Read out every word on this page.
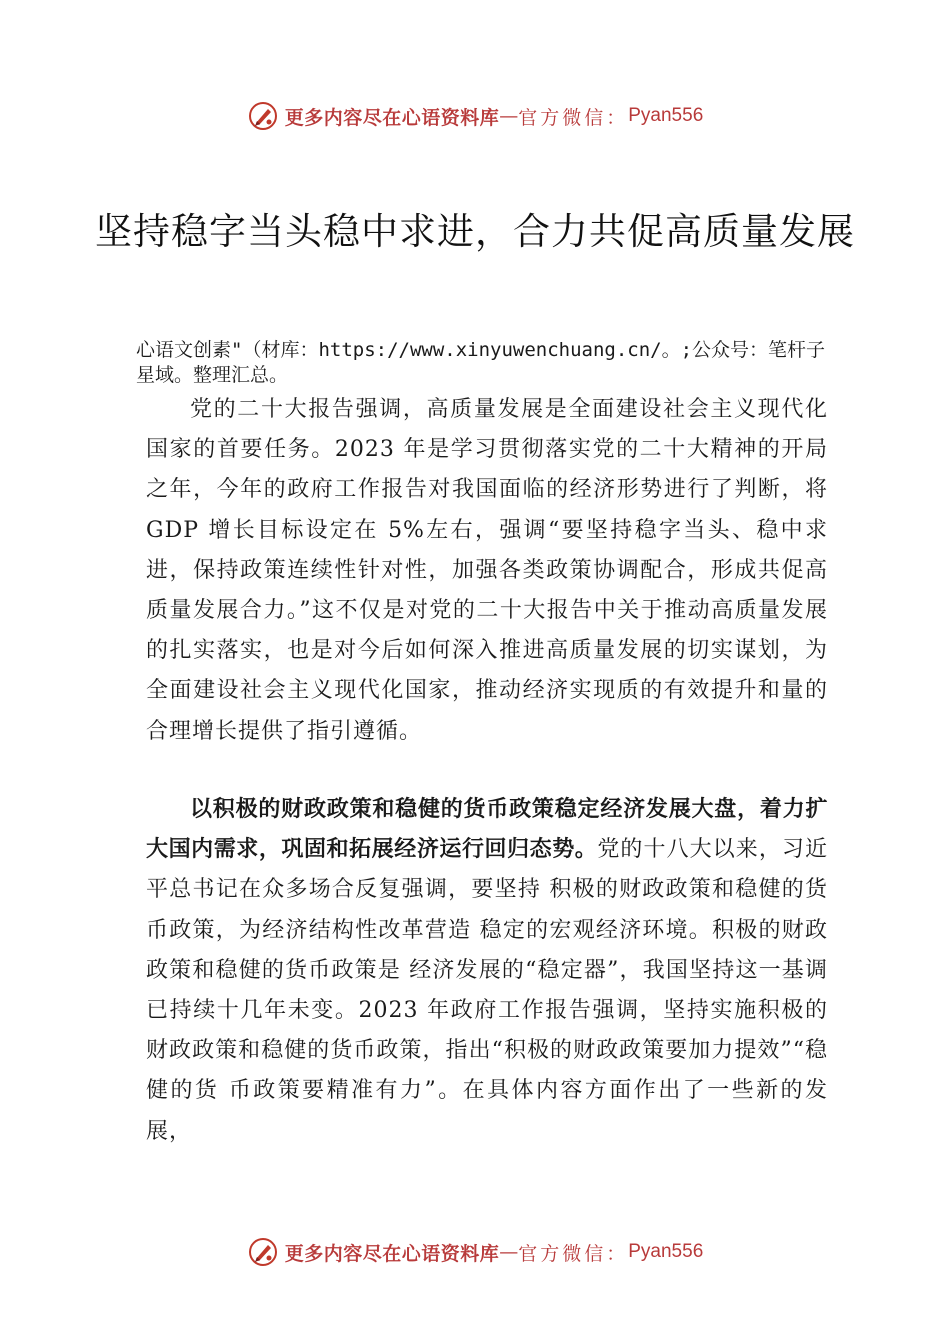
更多内容尽在心语资料库 — 官方微信： Pyan556
坚持稳字当头稳中求进，合力共促高质量发展

心语文创素"（材库：https://www.xinyuwenchuang.cn/。;公众号：笔杆子星域。整理汇总。

党的二十大报告强调，高质量发展是全面建设社会主义现代化国家的首要任务。2023 年是学习贯彻落实党的二十大精神的开局之年，今年的政府工作报告对我国面临的经济形势进行了判断，将 GDP 增长目标设定在 5%左右，强调“要坚持稳字当头、稳中求进，保持政策连续性针对性，加强各类政策协调配合，形成共促高质量发展合力。”这不仅是对党的二十大报告中关于推动高质量发展的扎实落实，也是对今后如何深入推进高质量发展的切实谋划，为全面建设社会主义现代化国家，推动经济实现质的有效提升和量的合理增长提供了指引遵循。

以积极的财政政策和稳健的货币政策稳定经济发展大盘，着力扩大国内需求，巩固和拓展经济运行回归态势。党的十八大以来，习近平总书记在众多场合反复强调，要坚持 积极的财政政策和稳健的货币政策，为经济结构性改革营造 稳定的宏观经济环境。积极的财政政策和稳健的货币政策是 经济发展的“稳定器”，我国坚持这一基调已持续十几年未变。2023 年政府工作报告强调，坚持实施积极的财政政策和稳健的货币政策，指出“积极的财政政策要加力提效”“稳健的货 币政策要精准有力”。在具体内容方面作出了一些新的发展，

更多内容尽在心语资料库 — 官方微信： Pyan556
